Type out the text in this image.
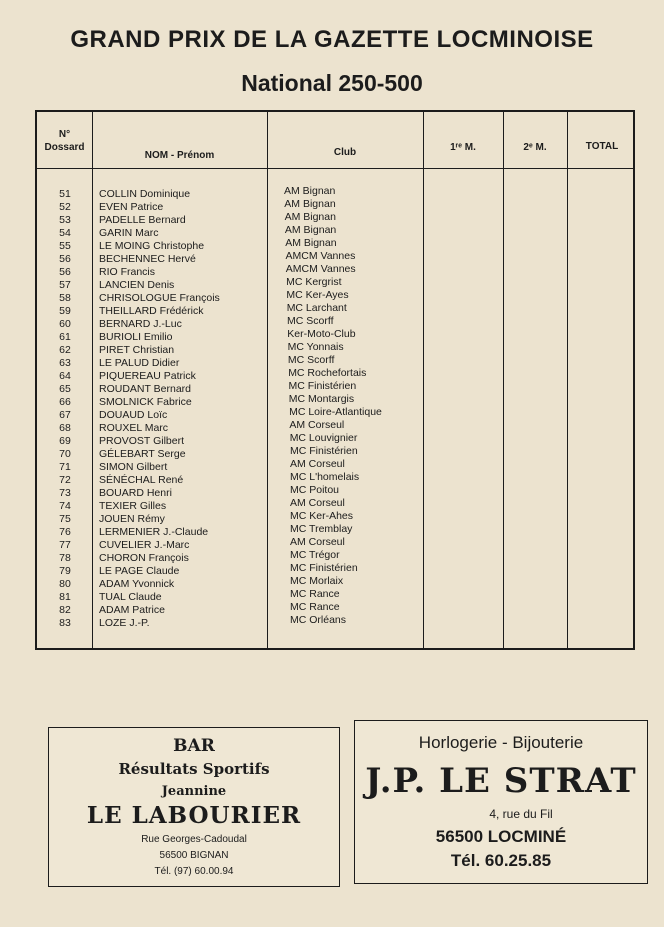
GRAND PRIX DE LA GAZETTE LOCMINOISE
National 250-500
N°
Dossard
NOM - Prénom	Club	1ʳᵉ M.	2ᵉ M.	TOTAL
51	COLLIN Dominique	AM Bignan
52	EVEN Patrice	AM Bignan
53	PADELLE Bernard	AM Bignan
54	GARIN Marc	AM Bignan
55	LE MOING Christophe	AM Bignan
56	BECHENNEC Hervé	AMCM Vannes
56	RIO Francis	AMCM Vannes
57	LANCIEN Denis	MC Kergrist
58	CHRISOLOGUE François	MC Ker-Ayes
59	THEILLARD Frédérick	MC Larchant
60	BERNARD J.-Luc	MC Scorff
61	BURIOLI Emilio	Ker-Moto-Club
62	PIRET Christian	MC Yonnais
63	LE PALUD Didier	MC Scorff
64	PIQUEREAU Patrick	MC Rochefortais
65	ROUDANT Bernard	MC Finistérien
66	SMOLNICK Fabrice	MC Montargis
67	DOUAUD Loïc	MC Loire-Atlantique
68	ROUXEL Marc	AM Corseul
69	PROVOST Gilbert	MC Louvignier
70	GÉLEBART Serge	MC Finistérien
71	SIMON Gilbert	AM Corseul
72	SÉNÉCHAL René	MC L'homelais
73	BOUARD Henri	MC Poitou
74	TEXIER Gilles	AM Corseul
75	JOUEN Rémy	MC Ker-Ahes
76	LERMENIER J.-Claude	MC Tremblay
77	CUVELIER J.-Marc	AM Corseul
78	CHORON François	MC Trégor
79	LE PAGE Claude	MC Finistérien
80	ADAM Yvonnick	MC Morlaix
81	TUAL Claude	MC Rance
82	ADAM Patrice	MC Rance
83	LOZE J.-P.	MC Orléans
BAR
Résultats Sportifs
Jeannine
LE LABOURIER
Rue Georges-Cadoudal
56500 BIGNAN
Tél. (97) 60.00.94
Horlogerie - Bijouterie
J.P. LE STRAT
4, rue du Fil
56500 LOCMINÉ
Tél. 60.25.85
